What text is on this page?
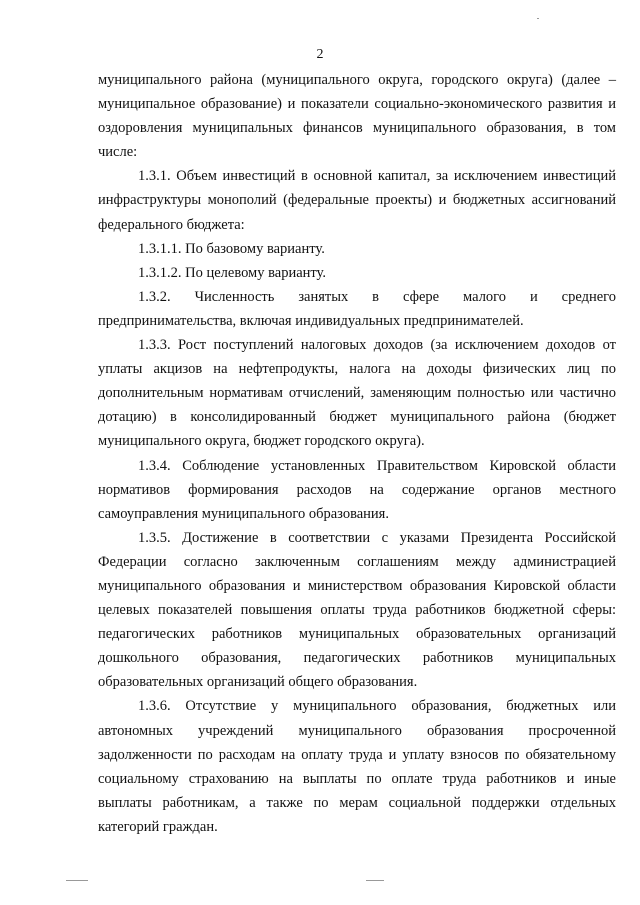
2

муниципального района (муниципального округа, городского округа) (далее – муниципальное образование) и показатели социально-экономического развития и оздоровления муниципальных финансов муниципального образования, в том числе:

1.3.1. Объем инвестиций в основной капитал, за исключением инвестиций инфраструктуры монополий (федеральные проекты) и бюджетных ассигнований федерального бюджета:

1.3.1.1. По базовому варианту.

1.3.1.2. По целевому варианту.

1.3.2. Численность занятых в сфере малого и среднего

предпринимательства, включая индивидуальных предпринимателей.

1.3.3. Рост поступлений налоговых доходов (за исключением доходов от уплаты акцизов на нефтепродукты, налога на доходы физических лиц по дополнительным нормативам отчислений, заменяющим полностью или частично дотацию) в консолидированный бюджет муниципального района (бюджет муниципального округа, бюджет городского округа).

1.3.4. Соблюдение установленных Правительством Кировской области нормативов формирования расходов на содержание органов местного самоуправления муниципального образования.

1.3.5. Достижение в соответствии с указами Президента Российской Федерации согласно заключенным соглашениям между администрацией муниципального образования и министерством образования Кировской области целевых показателей повышения оплаты труда работников бюджетной сферы: педагогических работников муниципальных образовательных организаций дошкольного образования, педагогических работников муниципальных образовательных организаций общего образования.

1.3.6. Отсутствие у муниципального образования, бюджетных или автономных учреждений муниципального образования просроченной задолженности по расходам на оплату труда и уплату взносов по обязательному социальному страхованию на выплаты по оплате труда работников и иные выплаты работникам, а также по мерам социальной поддержки отдельных категорий граждан.
